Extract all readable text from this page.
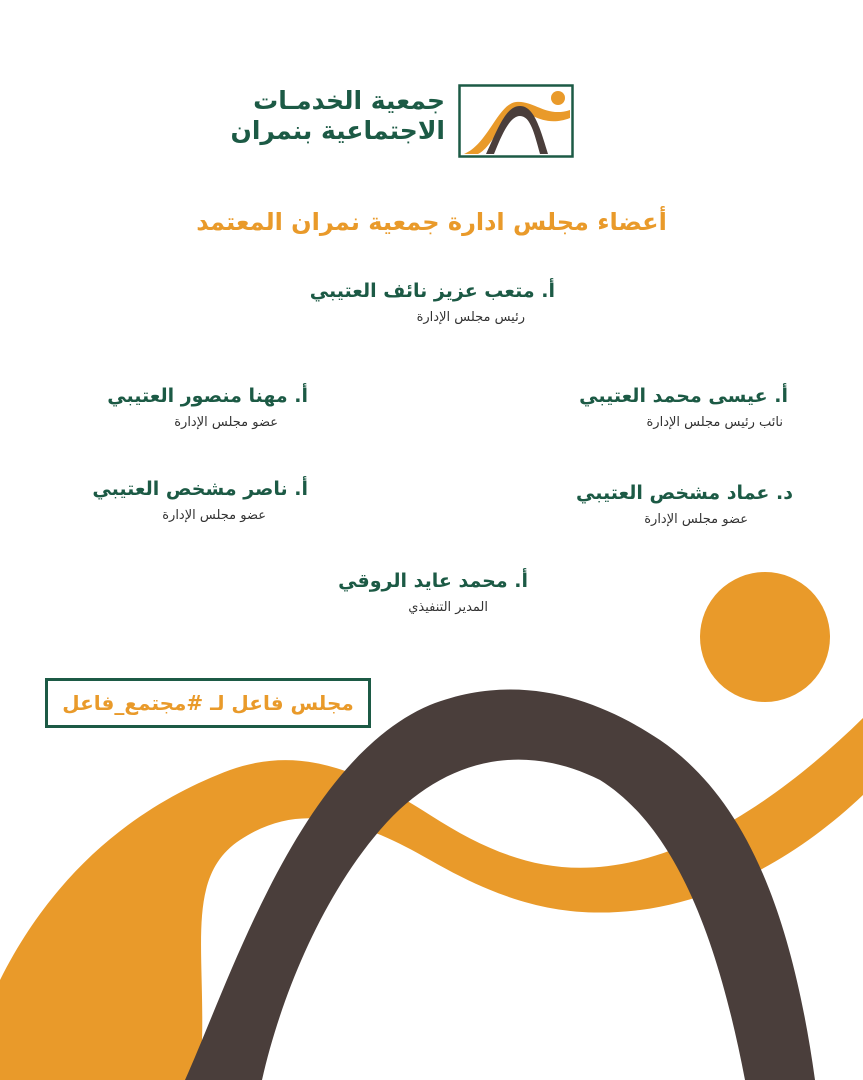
جمعية الخدمـات
الاجتماعية بنمران
أعضاء مجلس ادارة جمعية نمران المعتمد
أ. متعب عزيز نائف العتيبي
رئيس مجلس الإدارة
أ. عيسى محمد العتيبي
نائب رئيس مجلس الإدارة
أ. مهنا منصور العتيبي
عضو مجلس الإدارة
د. عماد مشخص العتيبي
عضو مجلس الإدارة
أ. ناصر مشخص العتيبي
عضو مجلس الإدارة
أ. محمد عايد الروقي
المدير التنفيذي
مجلس فاعل لـ #مجتمع_فاعل
